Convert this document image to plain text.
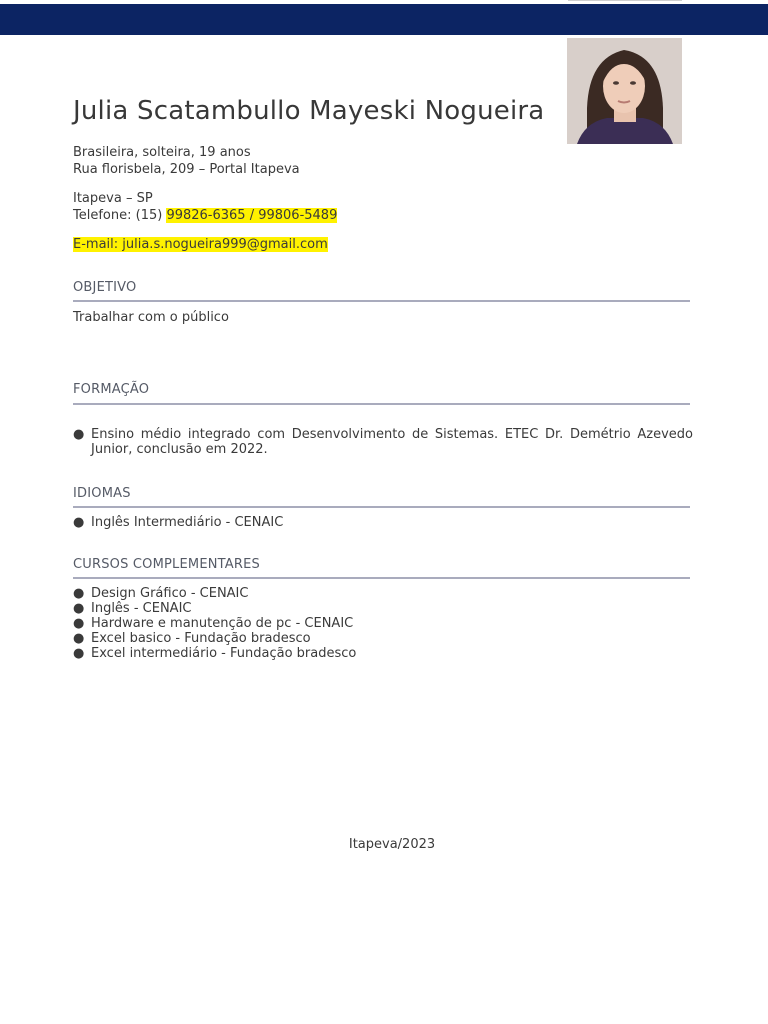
Julia Scatambullo Mayeski Nogueira
Brasileira, solteira, 19 anos
Rua florisbela, 209 – Portal Itapeva
Itapeva – SP
Telefone: (15) 99826-6365 / 99806-5489
E-mail: julia.s.nogueira999@gmail.com
OBJETIVO
Trabalhar com o público
FORMAÇÃO
● Ensino médio integrado com Desenvolvimento de Sistemas. ETEC Dr. Demétrio Azevedo Junior, conclusão em 2022.
IDIOMAS
● Inglês Intermediário - CENAIC
CURSOS COMPLEMENTARES
● Design Gráfico - CENAIC
● Inglês - CENAIC
● Hardware e manutenção de pc - CENAIC
● Excel basico - Fundação bradesco
● Excel intermediário - Fundação bradesco
Itapeva/2023
